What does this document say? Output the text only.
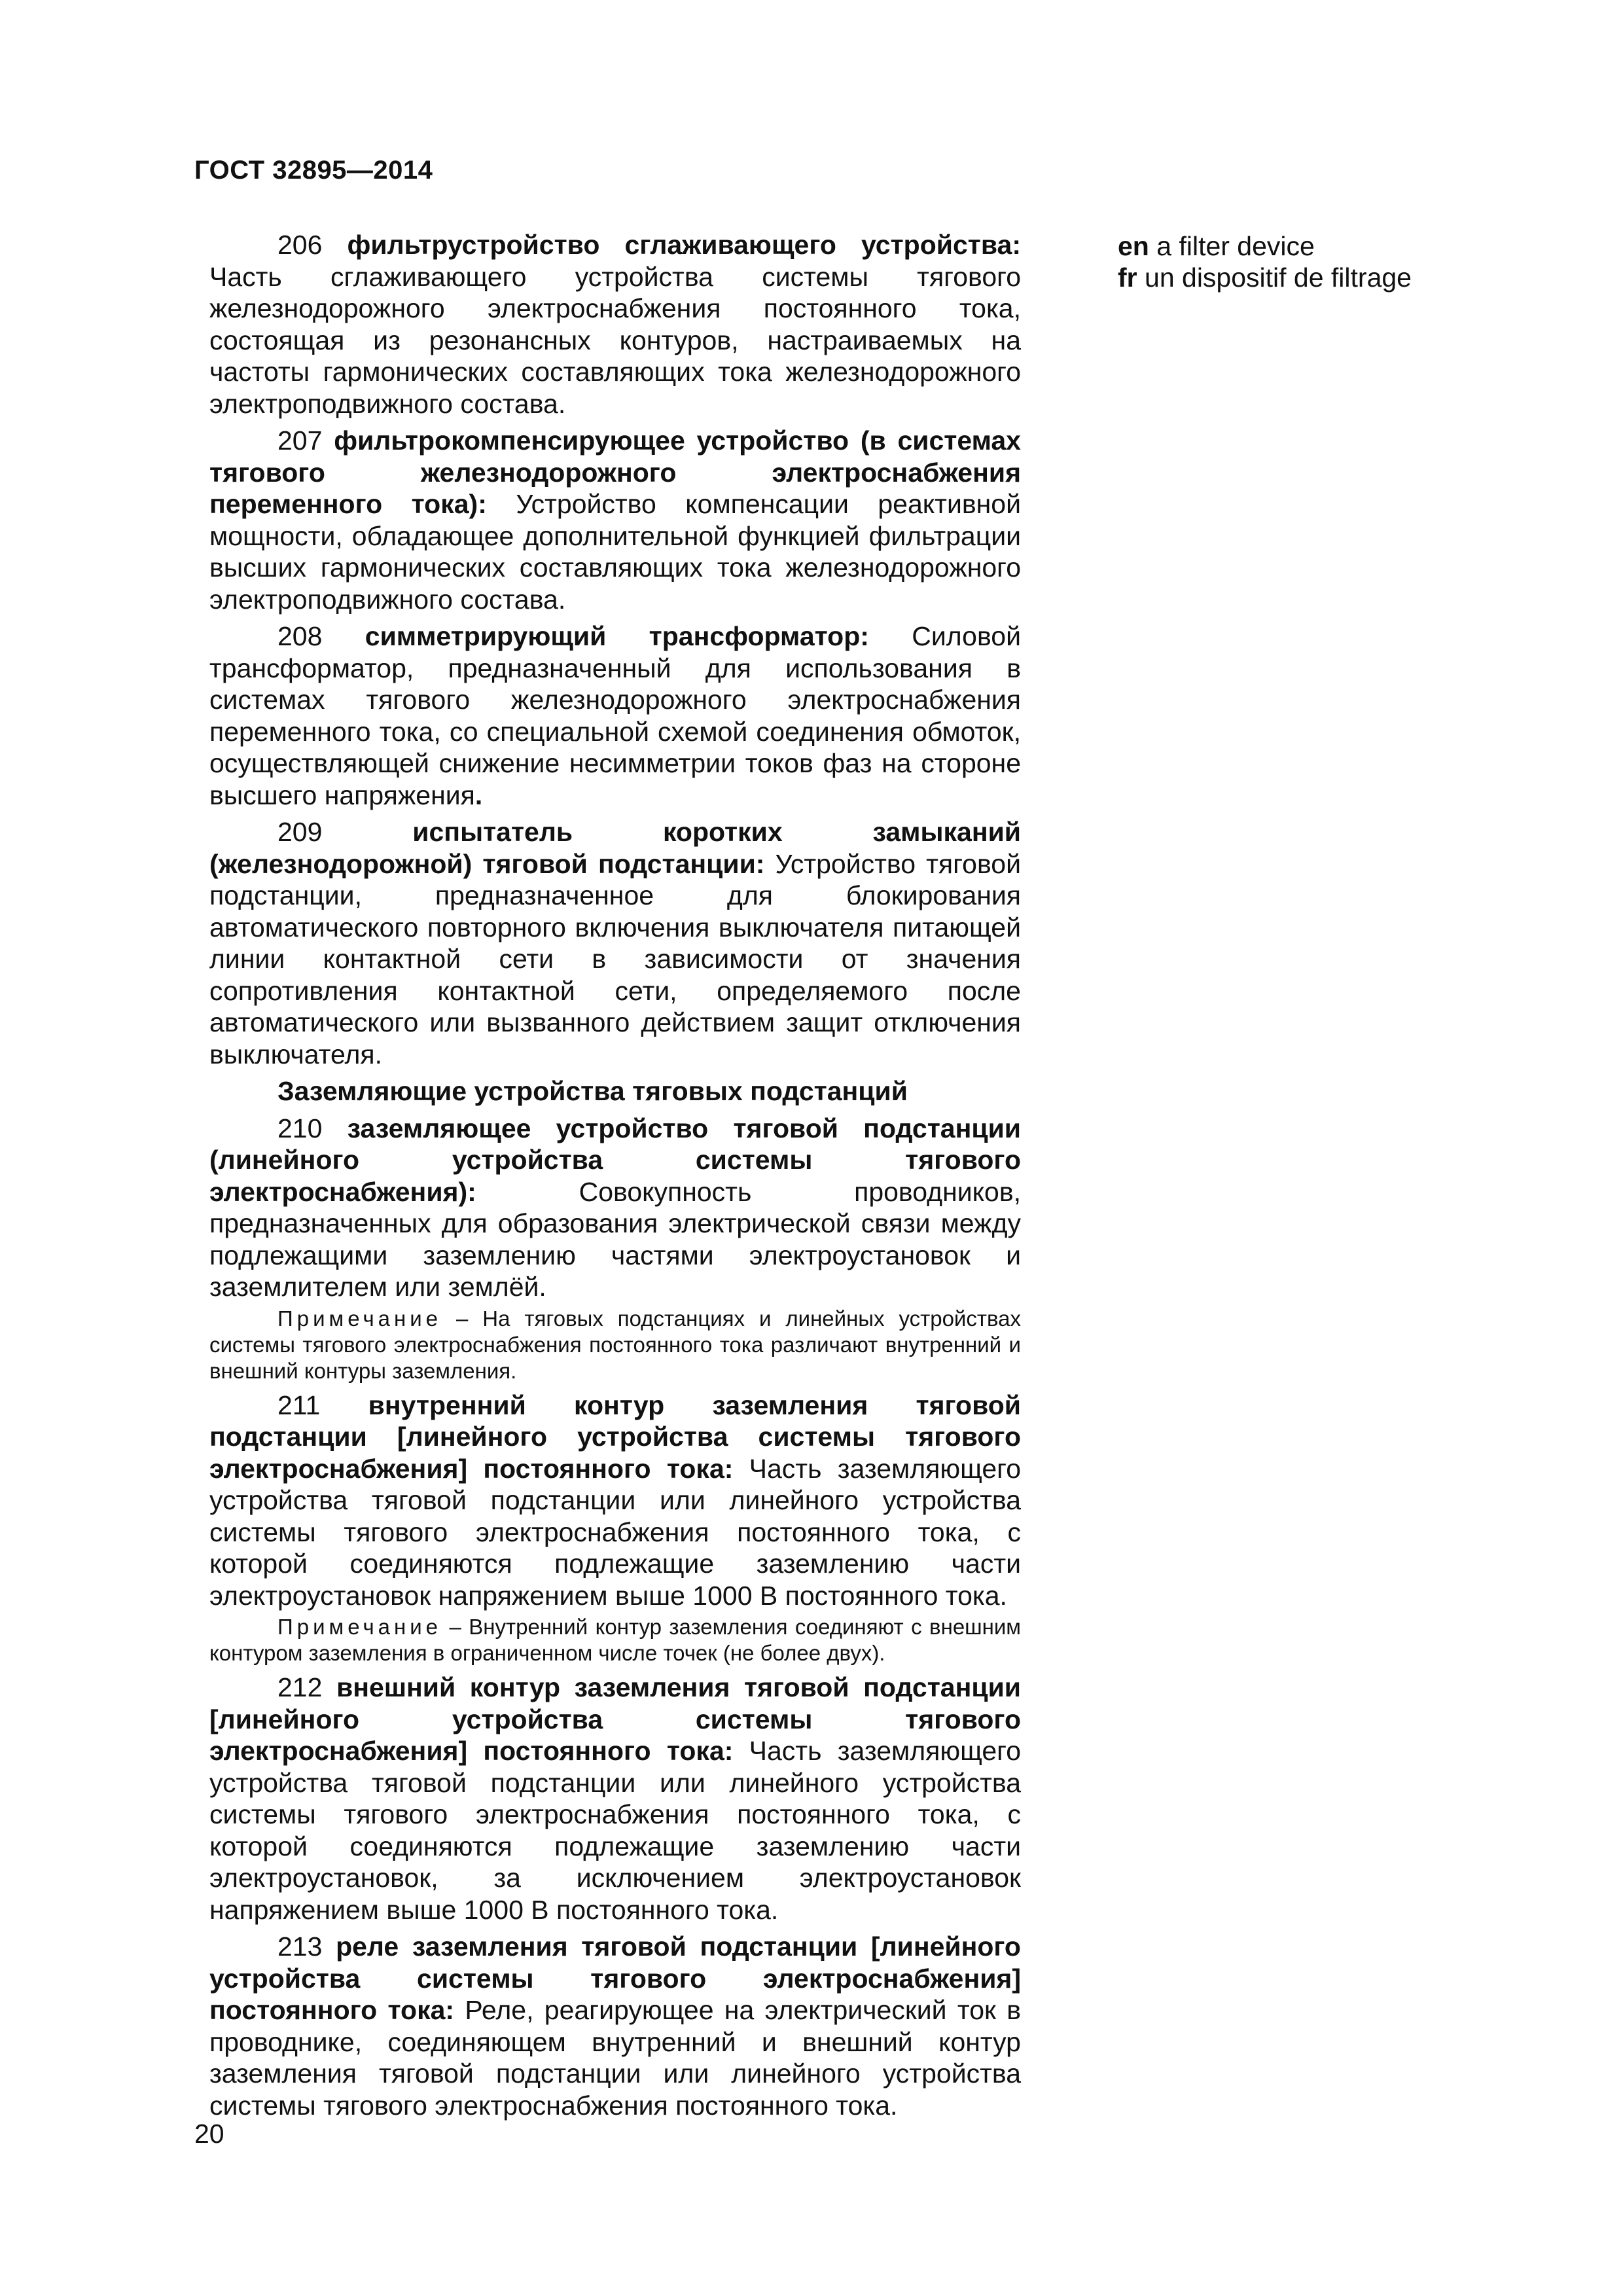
ГОСТ 32895—2014
en a filter device
fr un dispositif de filtrage

206 фильтрустройство сглаживающего устройства: Часть сглаживающего устройства системы тягового железнодорожного электроснабжения постоянного тока, состоящая из резонансных контуров, настраиваемых на частоты гармонических составляющих тока железнодорожного электроподвижного состава.

207 фильтрокомпенсирующее устройство (в системах тягового железнодорожного электроснабжения переменного тока): Устройство компенсации реактивной мощности, обладающее дополнительной функцией фильтрации высших гармонических составляющих тока железнодорожного электроподвижного состава.

208 симметрирующий трансформатор: Силовой трансформатор, предназначенный для использования в системах тягового железнодорожного электроснабжения переменного тока, со специальной схемой соединения обмоток, осуществляющей снижение несимметрии токов фаз на стороне высшего напряжения.

209	испытатель коротких замыканий (железнодорожной) тяговой подстанции: Устройство тяговой подстанции, предназначенное для блокирования автоматического повторного включения выключателя питающей линии контактной сети в зависимости от значения сопротивления контактной сети, определяемого после автоматического или вызванного действием защит отключения выключателя.

Заземляющие устройства тяговых подстанций

210 заземляющее устройство тяговой подстанции (линейного устройства системы тягового электроснабжения): Совокупность проводников, предназначенных для образования электрической связи между подлежащими заземлению частями электроустановок и заземлителем или землёй.

Примечание – На тяговых подстанциях и линейных устройствах системы тягового электроснабжения постоянного тока различают внутренний и внешний контуры заземления.

211 внутренний контур заземления тяговой подстанции [линейного устройства системы тягового электроснабжения] постоянного тока: Часть заземляющего устройства тяговой подстанции или линейного устройства системы тягового электроснабжения постоянного тока, с которой соединяются подлежащие заземлению части электроустановок напряжением выше 1000 В постоянного тока.

Примечание – Внутренний контур заземления соединяют с внешним контуром заземления в ограниченном числе точек (не более двух).

212 внешний контур заземления тяговой подстанции [линейного устройства системы тягового электроснабжения] постоянного тока: Часть заземляющего устройства тяговой подстанции или линейного устройства системы тягового электроснабжения постоянного тока, с которой соединяются подлежащие заземлению части электроустановок, за исключением электроустановок напряжением выше 1000 В постоянного тока.

213 реле заземления тяговой подстанции [линейного устройства системы тягового электроснабжения] постоянного тока: Реле, реагирующее на электрический ток в проводнике, соединяющем внутренний и внешний контур заземления тяговой подстанции или линейного устройства системы тягового электроснабжения постоянного тока.

20
